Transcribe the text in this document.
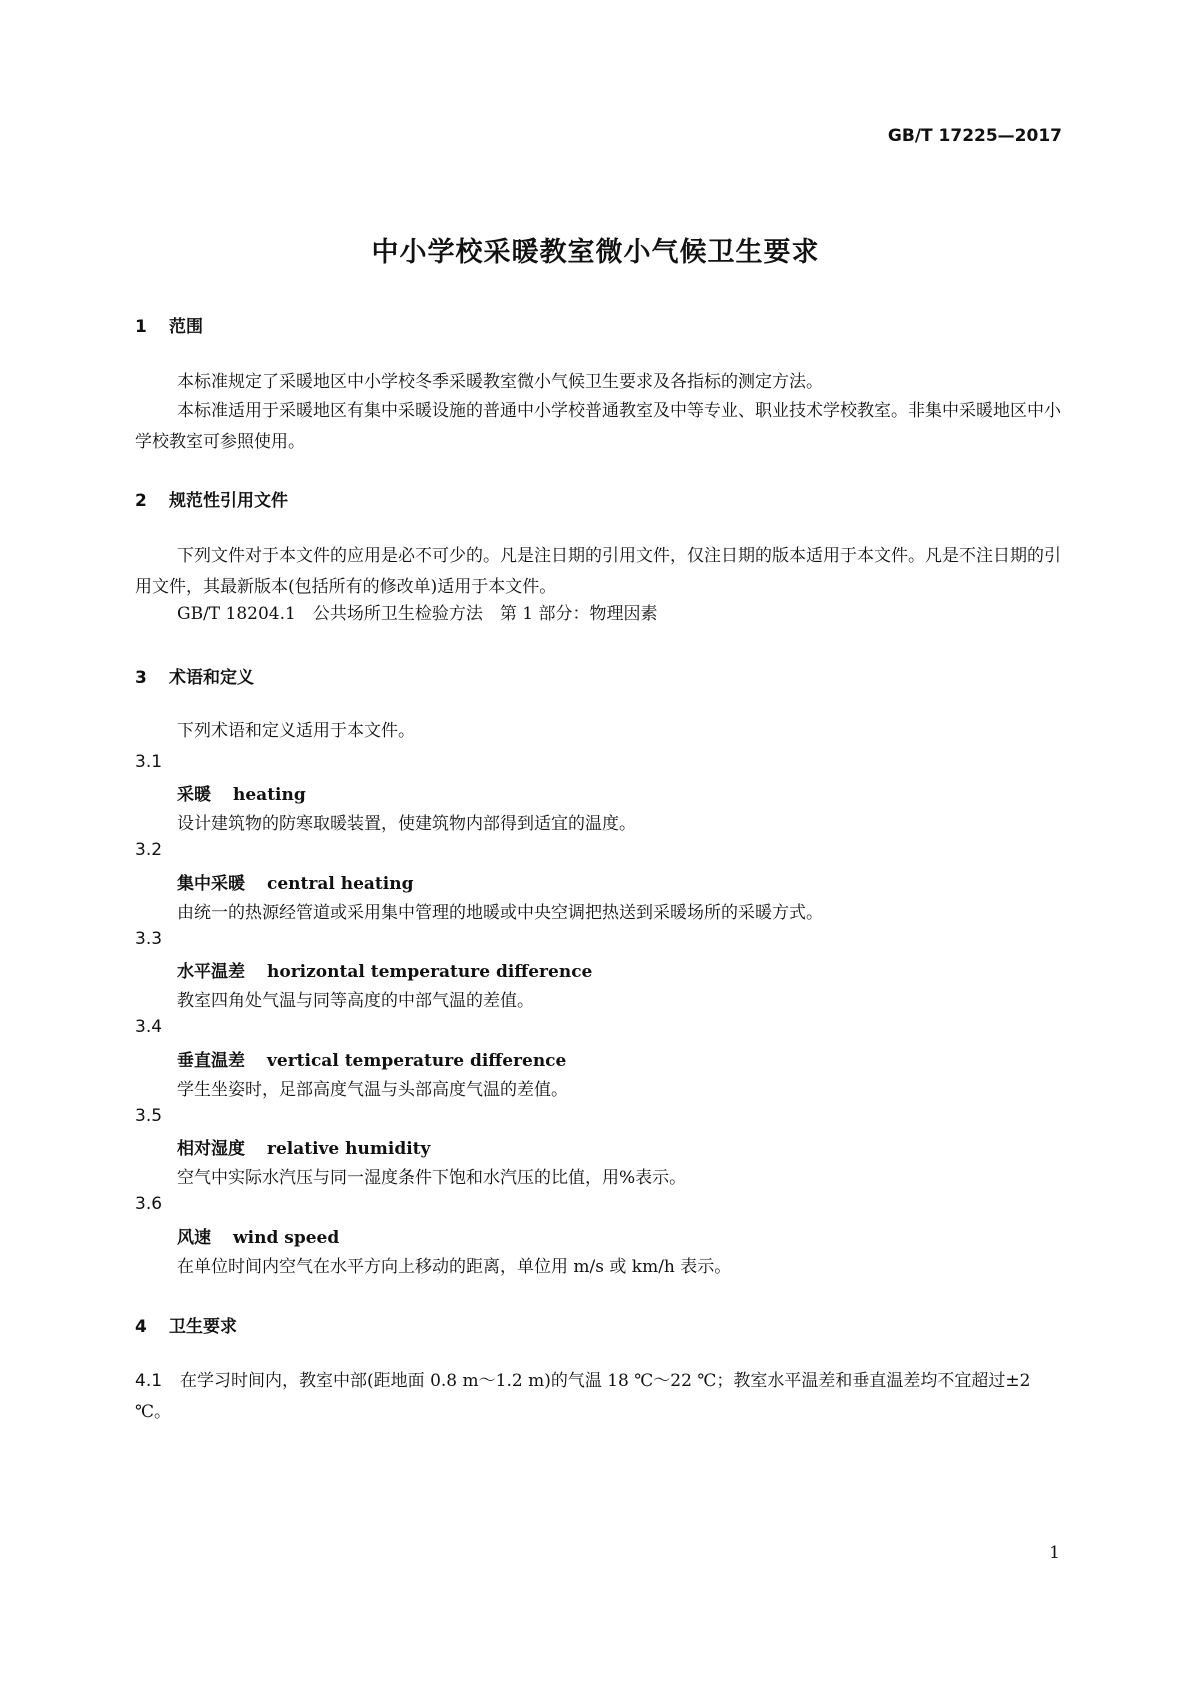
GB/T 17225—2017
中小学校采暖教室微小气候卫生要求
1 范围
本标准规定了采暖地区中小学校冬季采暖教室微小气候卫生要求及各指标的测定方法。
本标准适用于采暖地区有集中采暖设施的普通中小学校普通教室及中等专业、职业技术学校教室。非集中采暖地区中小学校教室可参照使用。
2 规范性引用文件
下列文件对于本文件的应用是必不可少的。凡是注日期的引用文件，仅注日期的版本适用于本文件。凡是不注日期的引用文件，其最新版本(包括所有的修改单)适用于本文件。
GB/T 18204.1　公共场所卫生检验方法　第 1 部分：物理因素
3 术语和定义
下列术语和定义适用于本文件。
3.1
采暖 heating
设计建筑物的防寒取暖装置，使建筑物内部得到适宜的温度。
3.2
集中采暖 central heating
由统一的热源经管道或采用集中管理的地暖或中央空调把热送到采暖场所的采暖方式。
3.3
水平温差 horizontal temperature difference
教室四角处气温与同等高度的中部气温的差值。
3.4
垂直温差 vertical temperature difference
学生坐姿时，足部高度气温与头部高度气温的差值。
3.5
相对湿度 relative humidity
空气中实际水汽压与同一湿度条件下饱和水汽压的比值，用%表示。
3.6
风速 wind speed
在单位时间内空气在水平方向上移动的距离，单位用 m/s 或 km/h 表示。
4 卫生要求
4.1 在学习时间内，教室中部(距地面 0.8 m～1.2 m)的气温 18 ℃～22 ℃；教室水平温差和垂直温差均不宜超过±2 ℃。
1
